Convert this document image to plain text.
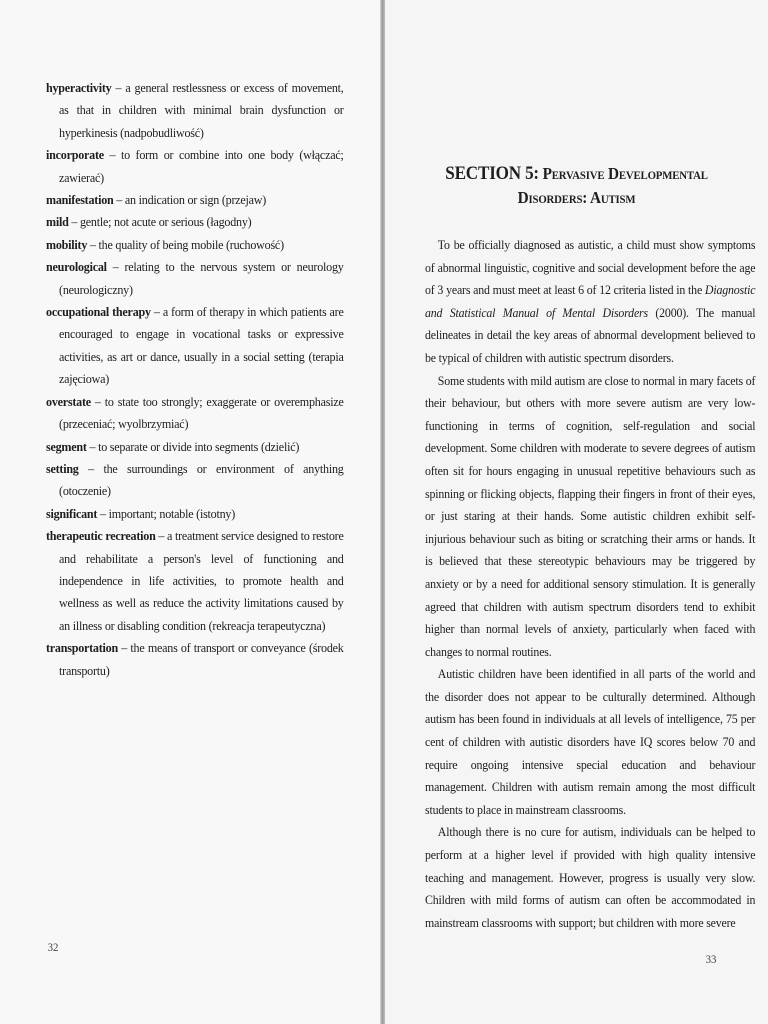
hyperactivity – a general restlessness or excess of movement, as that in children with minimal brain dysfunction or hyperkinesis (nadpobudliwość)

incorporate – to form or combine into one body (włączać; zawierać)

manifestation – an indication or sign (przejaw)

mild – gentle; not acute or serious (łagodny)

mobility – the quality of being mobile (ruchowość)

neurological – relating to the nervous system or neurology (neurologiczny)

occupational therapy – a form of therapy in which patients are encouraged to engage in vocational tasks or expressive activities, as art or dance, usually in a social setting (terapia zajęciowa)

overstate – to state too strongly; exaggerate or overemphasize (przeceniać; wyolbrzymiać)

segment – to separate or divide into segments (dzielić)

setting – the surroundings or environment of anything (otoczenie)

significant – important; notable (istotny)

therapeutic recreation – a treatment service designed to restore and rehabilitate a person's level of functioning and independence in life activities, to promote health and wellness as well as reduce the activity limitations caused by an illness or disabling condition (rekreacja terapeutyczna)

transportation – the means of transport or conveyance (środek transportu)

32
SECTION 5: Pervasive Developmental Disorders: Autism

To be officially diagnosed as autistic, a child must show symptoms of abnormal linguistic, cognitive and social development before the age of 3 years and must meet at least 6 of 12 criteria listed in the Diagnostic and Statistical Manual of Mental Disorders (2000). The manual delineates in detail the key areas of abnormal development believed to be typical of children with autistic spectrum disorders.

Some students with mild autism are close to normal in mary facets of their behaviour, but others with more severe autism are very low-functioning in terms of cognition, self-regulation and social development. Some children with moderate to severe degrees of autism often sit for hours engaging in unusual repetitive behaviours such as spinning or flicking objects, flapping their fingers in front of their eyes, or just staring at their hands. Some autistic children exhibit self-injurious behaviour such as biting or scratching their arms or hands. It is believed that these stereotypic behaviours may be triggered by anxiety or by a need for additional sensory stimulation. It is generally agreed that children with autism spectrum disorders tend to exhibit higher than normal levels of anxiety, particularly when faced with changes to normal routines.

Autistic children have been identified in all parts of the world and the disorder does not appear to be culturally determined. Although autism has been found in individuals at all levels of intelligence, 75 per cent of children with autistic disorders have IQ scores below 70 and require ongoing intensive special education and behaviour management. Children with autism remain among the most difficult students to place in mainstream classrooms.

Although there is no cure for autism, individuals can be helped to perform at a higher level if provided with high quality intensive teaching and management. However, progress is usually very slow. Children with mild forms of autism can often be accommodated in mainstream classrooms with support; but children with more severe

33
